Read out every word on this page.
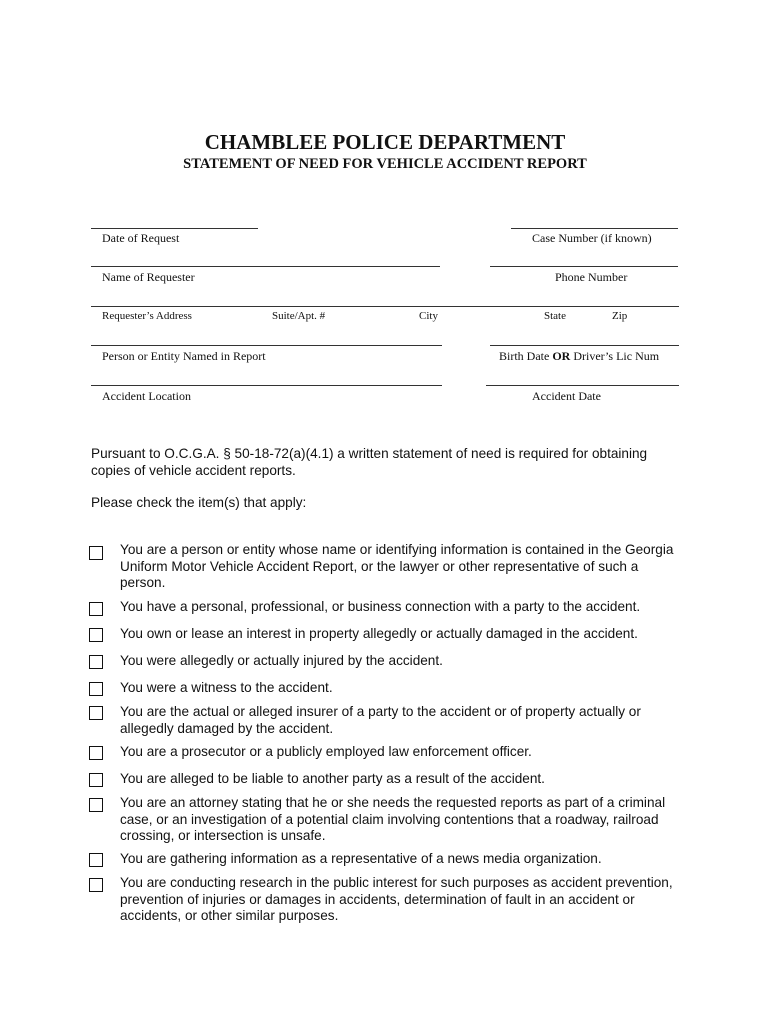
CHAMBLEE POLICE DEPARTMENT
STATEMENT OF NEED FOR VEHICLE ACCIDENT REPORT
Date of Request	Case Number (if known)
Name of Requester	Phone Number
Requester’s Address	Suite/Apt. #	City	State	Zip
Person or Entity Named in Report	Birth Date OR Driver’s Lic Num
Accident Location	Accident Date
Pursuant to O.C.G.A. § 50-18-72(a)(4.1) a written statement of need is required for obtaining copies of vehicle accident reports.
Please check the item(s) that apply:
You are a person or entity whose name or identifying information is contained in the Georgia Uniform Motor Vehicle Accident Report, or the lawyer or other representative of such a person.
You have a personal, professional, or business connection with a party to the accident.
You own or lease an interest in property allegedly or actually damaged in the accident.
You were allegedly or actually injured by the accident.
You were a witness to the accident.
You are the actual or alleged insurer of a party to the accident or of property actually or allegedly damaged by the accident.
You are a prosecutor or a publicly employed law enforcement officer.
You are alleged to be liable to another party as a result of the accident.
You are an attorney stating that he or she needs the requested reports as part of a criminal case, or an investigation of a potential claim involving contentions that a roadway, railroad crossing, or intersection is unsafe.
You are gathering information as a representative of a news media organization.
You are conducting research in the public interest for such purposes as accident prevention, prevention of injuries or damages in accidents, determination of fault in an accident or accidents, or other similar purposes.
